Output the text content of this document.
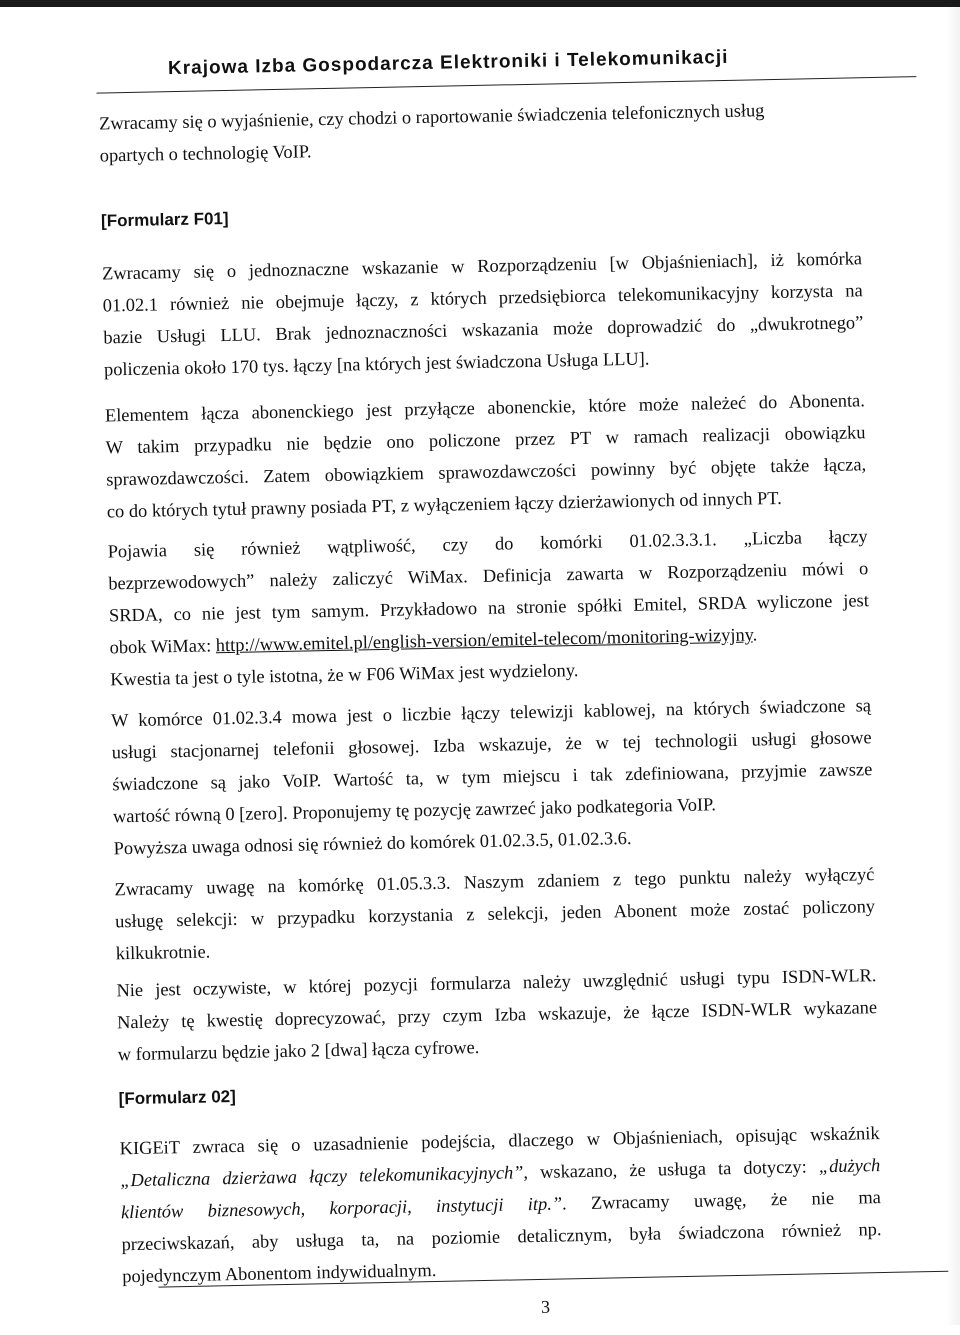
Krajowa Izba Gospodarcza Elektroniki i Telekomunikacji

Zwracamy się o wyjaśnienie, czy chodzi o raportowanie świadczenia telefonicznych usług

opartych o technologię VoIP.

[Formularz F01]

Zwracamy się o jednoznaczne wskazanie w Rozporządzeniu [w Objaśnieniach], iż komórka

01.02.1 również nie obejmuje łączy, z których przedsiębiorca telekomunikacyjny korzysta na

bazie Usługi LLU. Brak jednoznaczności wskazania może doprowadzić do „dwukrotnego”

policzenia około 170 tys. łączy [na których jest świadczona Usługa LLU].

Elementem łącza abonenckiego jest przyłącze abonenckie, które może należeć do Abonenta.

W takim przypadku nie będzie ono policzone przez PT w ramach realizacji obowiązku

sprawozdawczości. Zatem obowiązkiem sprawozdawczości powinny być objęte także łącza,

co do których tytuł prawny posiada PT, z wyłączeniem łączy dzierżawionych od innych PT.

Pojawia się również wątpliwość, czy do komórki 01.02.3.3.1. „Liczba łączy

bezprzewodowych” należy zaliczyć WiMax. Definicja zawarta w Rozporządzeniu mówi o

SRDA, co nie jest tym samym. Przykładowo na stronie spółki Emitel, SRDA wyliczone jest

obok WiMax: http://www.emitel.pl/english-version/emitel-telecom/monitoring-wizyjny.

Kwestia ta jest o tyle istotna, że w F06 WiMax jest wydzielony.

W komórce 01.02.3.4 mowa jest o liczbie łączy telewizji kablowej, na których świadczone są

usługi stacjonarnej telefonii głosowej. Izba wskazuje, że w tej technologii usługi głosowe

świadczone są jako VoIP. Wartość ta, w tym miejscu i tak zdefiniowana, przyjmie zawsze

wartość równą 0 [zero]. Proponujemy tę pozycję zawrzeć jako podkategoria VoIP.

Powyższa uwaga odnosi się również do komórek 01.02.3.5, 01.02.3.6.

Zwracamy uwagę na komórkę 01.05.3.3. Naszym zdaniem z tego punktu należy wyłączyć

usługę selekcji: w przypadku korzystania z selekcji, jeden Abonent może zostać policzony

kilkukrotnie.

Nie jest oczywiste, w której pozycji formularza należy uwzględnić usługi typu ISDN-WLR.

Należy tę kwestię doprecyzować, przy czym Izba wskazuje, że łącze ISDN-WLR wykazane

w formularzu będzie jako 2 [dwa] łącza cyfrowe.

[Formularz 02]

KIGEiT zwraca się o uzasadnienie podejścia, dlaczego w Objaśnieniach, opisując wskaźnik

„Detaliczna dzierżawa łączy telekomunikacyjnych”, wskazano, że usługa ta dotyczy: „dużych

klientów biznesowych, korporacji, instytucji itp.”. Zwracamy uwagę, że nie ma

przeciwskazań, aby usługa ta, na poziomie detalicznym, była świadczona również np.

pojedynczym Abonentom indywidualnym.

3
